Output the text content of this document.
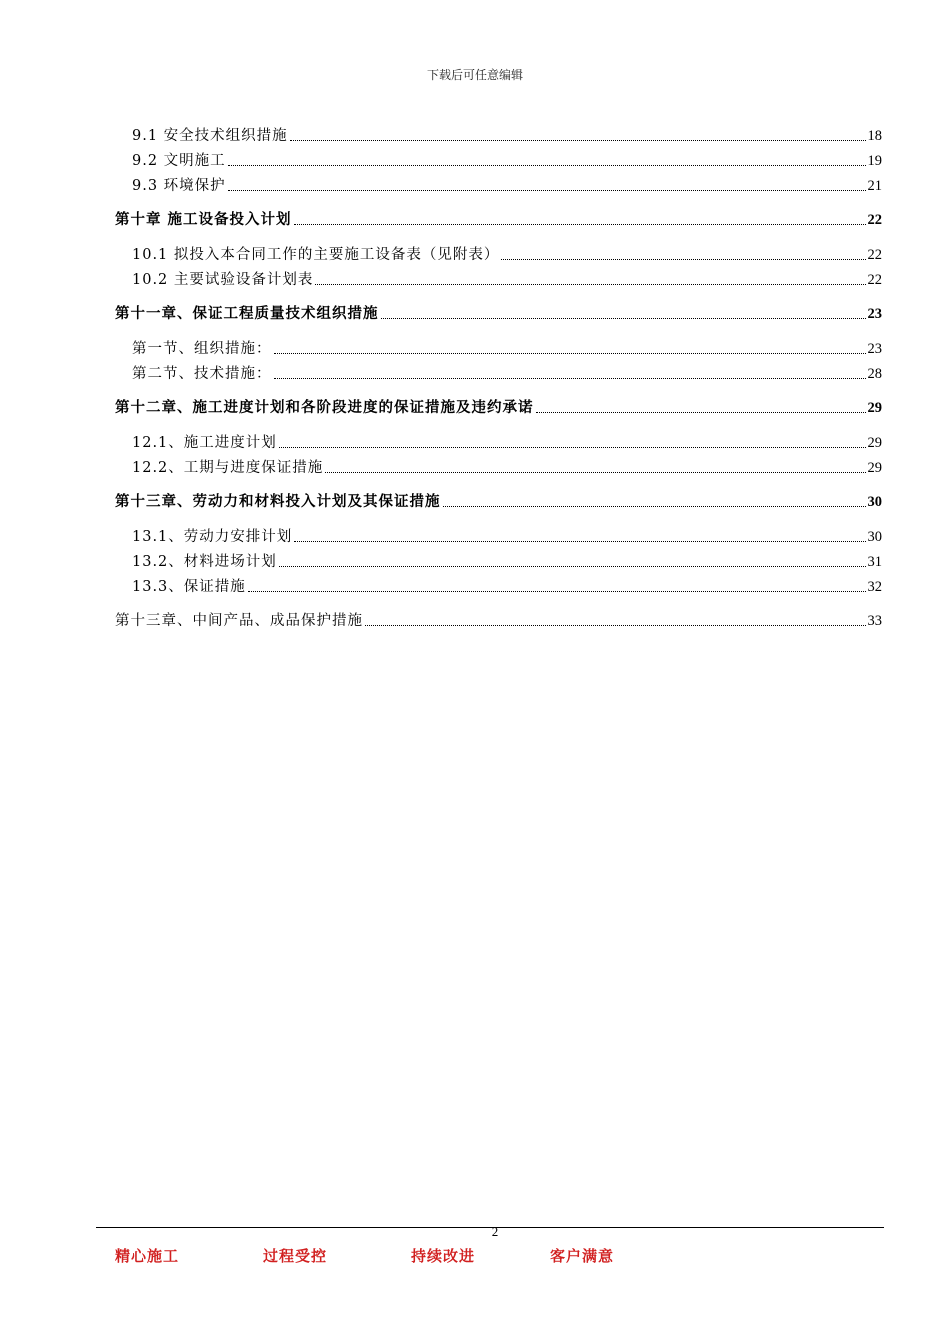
下载后可任意编辑
9.1 安全技术组织措施	18
9.2 文明施工	19
9.3 环境保护	21
第十章 施工设备投入计划	22
10.1 拟投入本合同工作的主要施工设备表（见附表）	22
10.2 主要试验设备计划表	22
第十一章、保证工程质量技术组织措施	23
第一节、组织措施：	23
第二节、技术措施：	28
第十二章、施工进度计划和各阶段进度的保证措施及违约承诺	29
12.1、施工进度计划	29
12.2、工期与进度保证措施	29
第十三章、劳动力和材料投入计划及其保证措施	30
13.1、劳动力安排计划	30
13.2、材料进场计划	31
13.3、保证措施	32
第十三章、中间产品、成品保护措施	33
2
精心施工	过程受控	持续改进	客户满意
